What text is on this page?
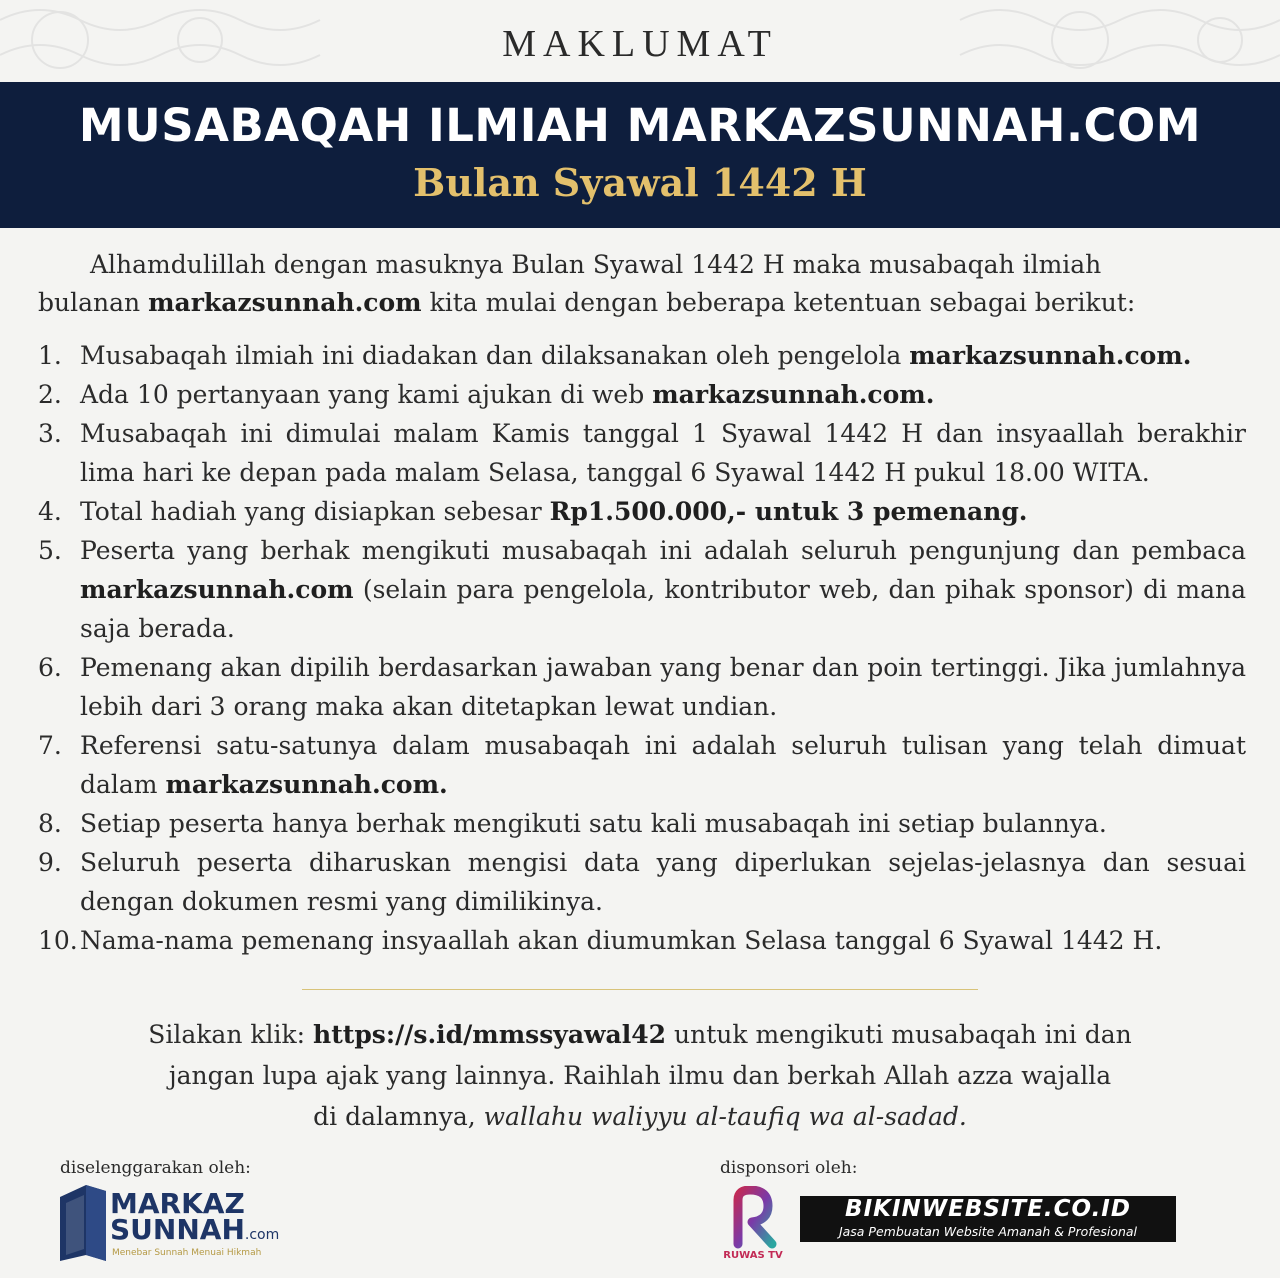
MAKLUMAT
MUSABAQAH ILMIAH MARKAZSUNNAH.COM
Bulan Syawal 1442 H

Alhamdulillah dengan masuknya Bulan Syawal 1442 H maka musabaqah ilmiah

bulanan markazsunnah.com kita mulai dengan beberapa ketentuan sebagai berikut:

1. Musabaqah ilmiah ini diadakan dan dilaksanakan oleh pengelola markazsunnah.com.
2. Ada 10 pertanyaan yang kami ajukan di web markazsunnah.com.
3. Musabaqah ini dimulai malam Kamis tanggal 1 Syawal 1442 H dan insyaallah berakhir lima hari ke depan pada malam Selasa, tanggal 6 Syawal 1442 H pukul 18.00 WITA.
4. Total hadiah yang disiapkan sebesar Rp1.500.000,- untuk 3 pemenang.
5. Peserta yang berhak mengikuti musabaqah ini adalah seluruh pengunjung dan pembaca markazsunnah.com (selain para pengelola, kontributor web, dan pihak sponsor) di mana saja berada.
6. Pemenang akan dipilih berdasarkan jawaban yang benar dan poin tertinggi. Jika jumlahnya lebih dari 3 orang maka akan ditetapkan lewat undian.
7. Referensi satu-satunya dalam musabaqah ini adalah seluruh tulisan yang telah dimuat dalam markazsunnah.com.
8. Setiap peserta hanya berhak mengikuti satu kali musabaqah ini setiap bulannya.
9. Seluruh peserta diharuskan mengisi data yang diperlukan sejelas-jelasnya dan sesuai dengan dokumen resmi yang dimilikinya.
10. Nama-nama pemenang insyaallah akan diumumkan Selasa tanggal 6 Syawal 1442 H.

Silakan klik: https://s.id/mmssyawal42 untuk mengikuti musabaqah ini dan

jangan lupa ajak yang lainnya. Raihlah ilmu dan berkah Allah azza wajalla

di dalamnya, wallahu waliyyu al-taufiq wa al-sadad.

diselenggarakan oleh:	disponsori oleh:
MARKAZ
SUNNAH.com
Menebar Sunnah Menuai Hikmah	RUWAS TV
BIKINWEBSITE.CO.ID
Jasa Pembuatan Website Amanah & Profesional
